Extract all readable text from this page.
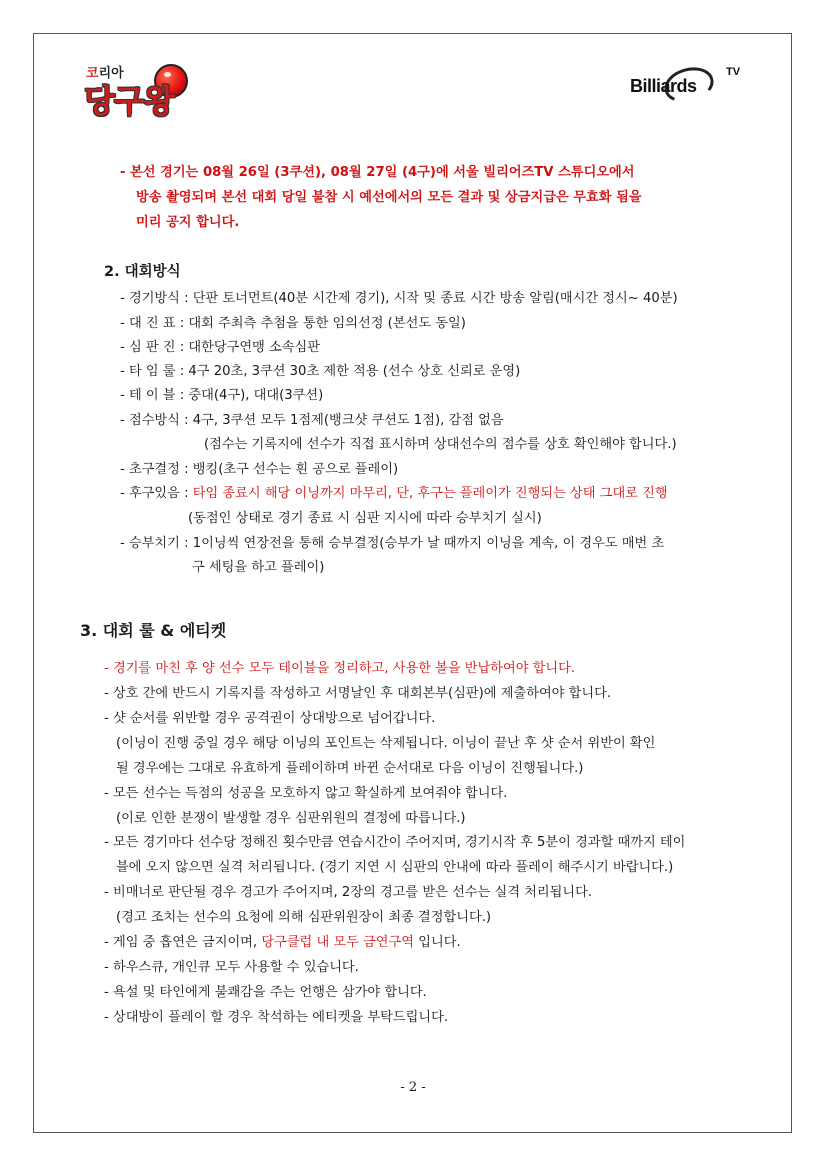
코리아
당구왕	Billiards
TV
- 본선 경기는 08월 26일 (3쿠션), 08월 27일 (4구)에 서울 빌리어즈TV 스튜디오에서
방송 촬영되며 본선 대회 당일 불참 시 예선에서의 모든 결과 및 상금지급은 무효화 됨을
미리 공지 합니다.
2. 대회방식
- 경기방식 : 단판 토너먼트(40분 시간제 경기), 시작 및 종료 시간 방송 알림(매시간 정시~ 40분)
- 대 진 표 : 대회 주최측 추첨을 통한 임의선정 (본선도 동일)
- 심 판 진 : 대한당구연맹 소속심판
- 타 임 룰 : 4구 20초, 3쿠션 30초 제한 적용 (선수 상호 신뢰로 운영)
- 테 이 블 : 중대(4구), 대대(3쿠션)
- 점수방식 : 4구, 3쿠션 모두 1점제(뱅크샷 쿠션도 1점), 감점 없음
(점수는 기록지에 선수가 직접 표시하며 상대선수의 점수를 상호 확인해야 합니다.)
- 초구결정 : 뱅킹(초구 선수는 흰 공으로 플레이)
- 후구있음 : 타임 종료시 해당 이닝까지 마무리, 단, 후구는 플레이가 진행되는 상태 그대로 진행
(동점인 상태로 경기 종료 시 심판 지시에 따라 승부치기 실시)
- 승부치기 : 1이닝씩 연장전을 통해 승부결정(승부가 날 때까지 이닝을 계속, 이 경우도 매번 초
구 세팅을 하고 플레이)
3. 대회 룰 & 에티켓
- 경기를 마친 후 양 선수 모두 테이블을 정리하고, 사용한 볼을 반납하여야 합니다.
- 상호 간에 반드시 기록지를 작성하고 서명날인 후 대회본부(심판)에 제출하여야 합니다.
- 샷 순서를 위반할 경우 공격권이 상대방으로 넘어갑니다.
(이닝이 진행 중일 경우 해당 이닝의 포인트는 삭제됩니다. 이닝이 끝난 후 샷 순서 위반이 확인
될 경우에는 그대로 유효하게 플레이하며 바뀐 순서대로 다음 이닝이 진행됩니다.)
- 모든 선수는 득점의 성공을 모호하지 않고 확실하게 보여줘야 합니다.
(이로 인한 분쟁이 발생할 경우 심판위원의 결정에 따릅니다.)
- 모든 경기마다 선수당 정해진 횟수만큼 연습시간이 주어지며, 경기시작 후 5분이 경과할 때까지 테이
블에 오지 않으면 실격 처리됩니다. (경기 지연 시 심판의 안내에 따라 플레이 해주시기 바랍니다.)
- 비매너로 판단될 경우 경고가 주어지며, 2장의 경고를 받은 선수는 실격 처리됩니다.
(경고 조치는 선수의 요청에 의해 심판위원장이 최종 결정합니다.)
- 게임 중 흡연은 금지이며, 당구클럽 내 모두 금연구역 입니다.
- 하우스큐, 개인큐 모두 사용할 수 있습니다.
- 욕설 및 타인에게 불쾌감을 주는 언행은 삼가야 합니다.
- 상대방이 플레이 할 경우 착석하는 에티켓을 부탁드립니다.
- 2 -
